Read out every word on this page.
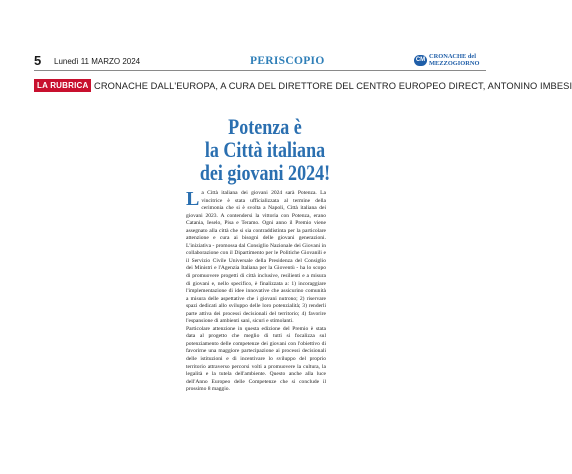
5 Lunedì 11 MARZO 2024	PERISCOPIO	CM CRONACHE del
MEZZOGIORNO
LA RUBRICA CRONACHE DALL'EUROPA, A CURA DEL DIRETTORE DEL CENTRO EUROPEO DIRECT, ANTONINO IMBESI
Potenza è
la Città italiana
dei giovani 2024!
L a Città italiana dei giovani 2024 sarà Potenza. La vincitrice è stata ufficializzata al termine della cerimonia che si è svolta a Napoli, Città italiana dei giovani 2023. A contendersi la vittoria con Potenza, erano Catania, Ieselo, Pisa e Teramo. Ogni anno il Premio viene assegnato alla città che si sia contraddistinta per la particolare attenzione e cura ai bisogni delle giovani generazioni. L'iniziativa - promossa dal Consiglio Nazionale dei Giovani in collaborazione con il Dipartimento per le Politiche Giovanili e il Servizio Civile Universale della Presidenza del Consiglio dei Ministri e l'Agenzia Italiana per la Gioventù - ha lo scopo di promuovere progetti di città inclusive, resilienti e a misura di giovani e, nello specifico, è finalizzata a: 1) incoraggiare l'implementazione di idee innovative che assicurino comunità a misura delle aspettative che i giovani nutrono; 2) riservare spazi dedicati allo sviluppo delle loro potenzialità; 3) renderli parte attiva dei processi decisionali del territorio; 4) favorire l'espansione di ambienti sani, sicuri e stimolanti.

Particolare attenzione in questa edizione del Premio è stata data al progetto che meglio di tutti si focalizza sul potenziamento delle competenze dei giovani con l'obiettivo di favorirne una maggiore partecipazione ai processi decisionali delle istituzioni e di incentivare lo sviluppo del proprio territorio attraverso percorsi volti a promuovere la cultura, la legalità e la tutela dell'ambiente. Questo anche alla luce dell'Anno Europeo delle Competenze che si conclude il prossimo 8 maggio.
